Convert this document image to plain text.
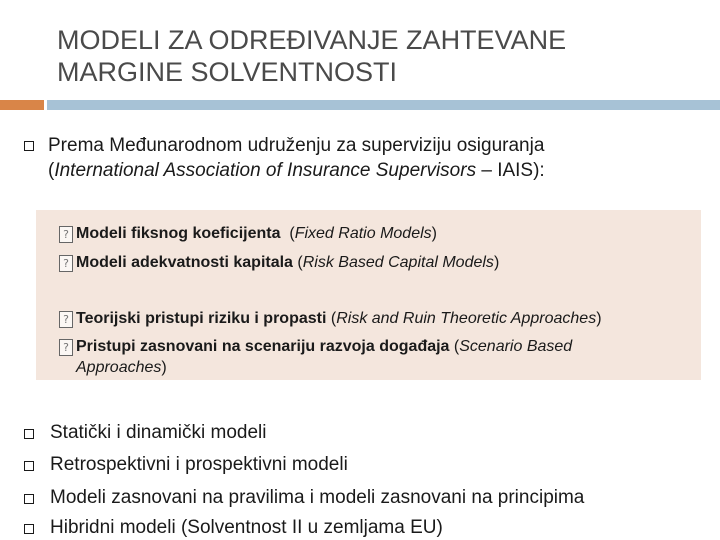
MODELI ZA ODREĐIVANJE ZAHTEVANE
MARGINE SOLVENTNOSTI
Prema Međunarodnom udruženju za superviziju osiguranja
(International Association of Insurance Supervisors – IAIS):
? Modeli fiksnog koeficijenta  (Fixed Ratio Models)
? Modeli adekvatnosti kapitala (Risk Based Capital Models)
? Teorijski pristupi riziku i propasti (Risk and Ruin Theoretic Approaches)
? Pristupi zasnovani na scenariju razvoja događaja (Scenario Based
Approaches)
Statički i dinamički modeli
Retrospektivni i prospektivni modeli
Modeli zasnovani na pravilima i modeli zasnovani na principima
Hibridni modeli (Solventnost II u zemljama EU)
